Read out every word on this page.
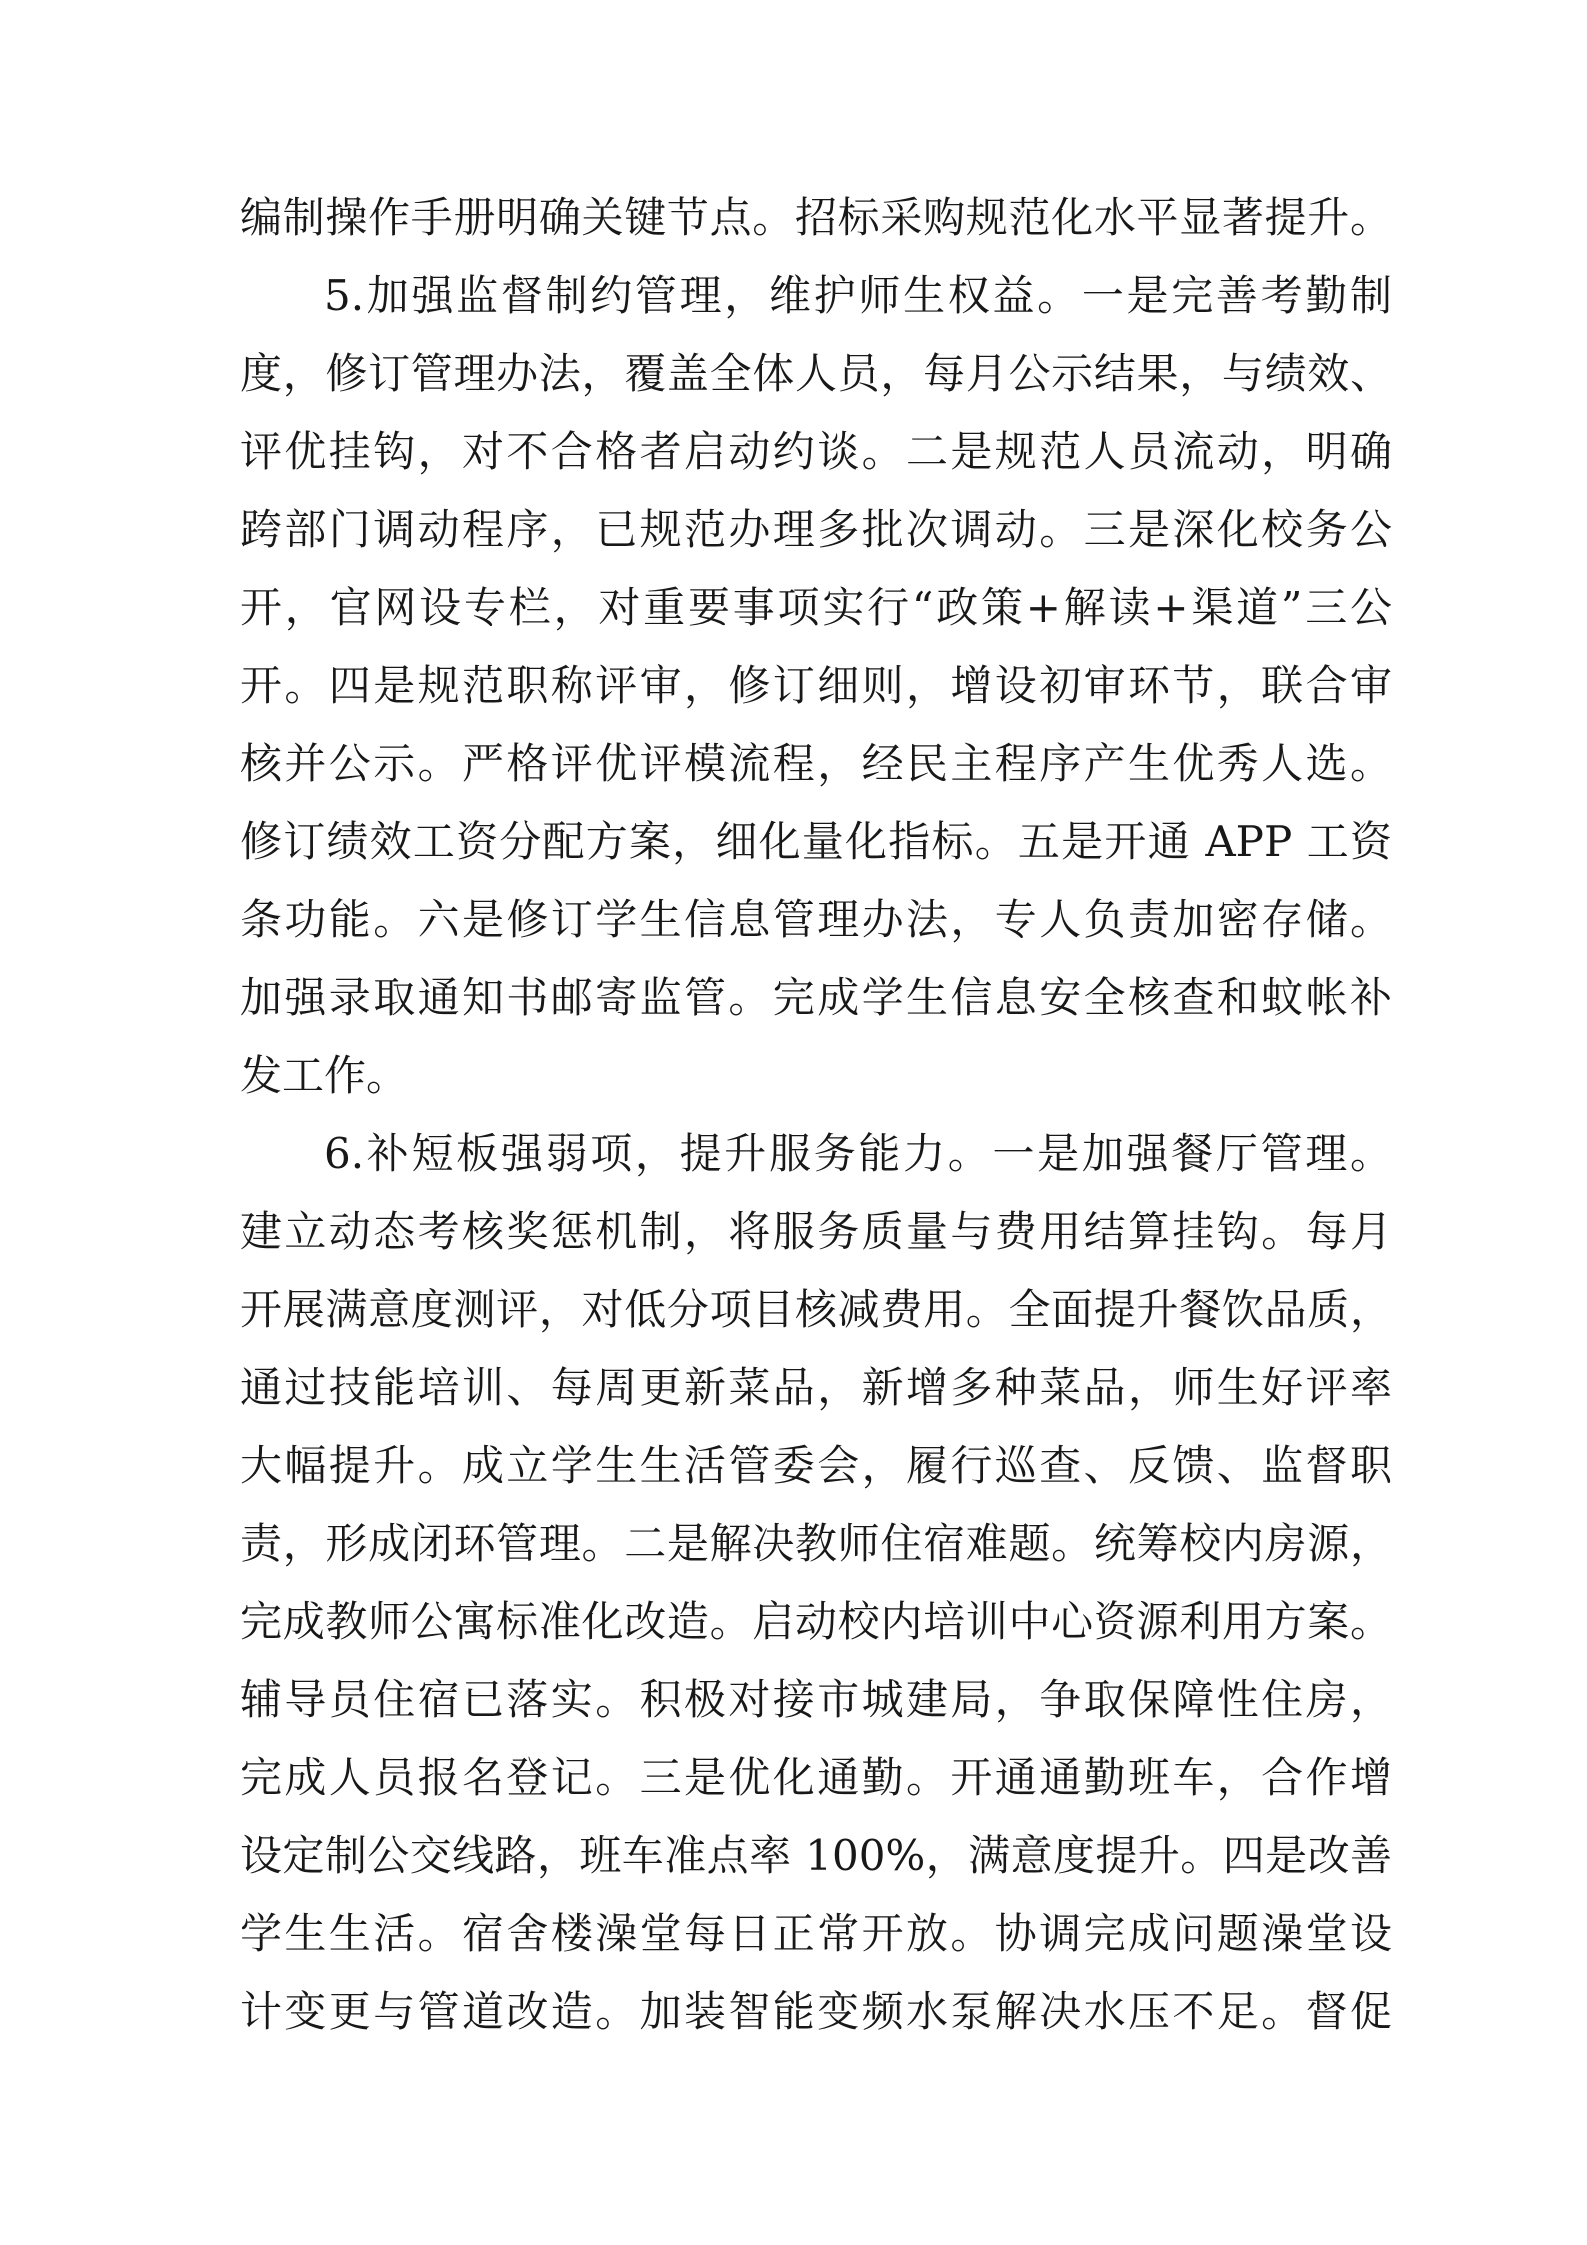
编制操作手册明确关键节点。招标采购规范化水平显著提升。
5.加强监督制约管理，维护师生权益。一是完善考勤制
度，修订管理办法，覆盖全体人员，每月公示结果，与绩效、
评优挂钩，对不合格者启动约谈。二是规范人员流动，明确
跨部门调动程序，已规范办理多批次调动。三是深化校务公
开，官网设专栏，对重要事项实行“政策+解读+渠道”三公
开。四是规范职称评审，修订细则，增设初审环节，联合审
核并公示。严格评优评模流程，经民主程序产生优秀人选。
修订绩效工资分配方案，细化量化指标。五是开通 APP 工资
条功能。六是修订学生信息管理办法，专人负责加密存储。
加强录取通知书邮寄监管。完成学生信息安全核查和蚊帐补
发工作。
6.补短板强弱项，提升服务能力。一是加强餐厅管理。
建立动态考核奖惩机制，将服务质量与费用结算挂钩。每月
开展满意度测评，对低分项目核减费用。全面提升餐饮品质，
通过技能培训、每周更新菜品，新增多种菜品，师生好评率
大幅提升。成立学生生活管委会，履行巡查、反馈、监督职
责，形成闭环管理。二是解决教师住宿难题。统筹校内房源，
完成教师公寓标准化改造。启动校内培训中心资源利用方案。
辅导员住宿已落实。积极对接市城建局，争取保障性住房，
完成人员报名登记。三是优化通勤。开通通勤班车，合作增
设定制公交线路，班车准点率 100%，满意度提升。四是改善
学生生活。宿舍楼澡堂每日正常开放。协调完成问题澡堂设
计变更与管道改造。加装智能变频水泵解决水压不足。督促
